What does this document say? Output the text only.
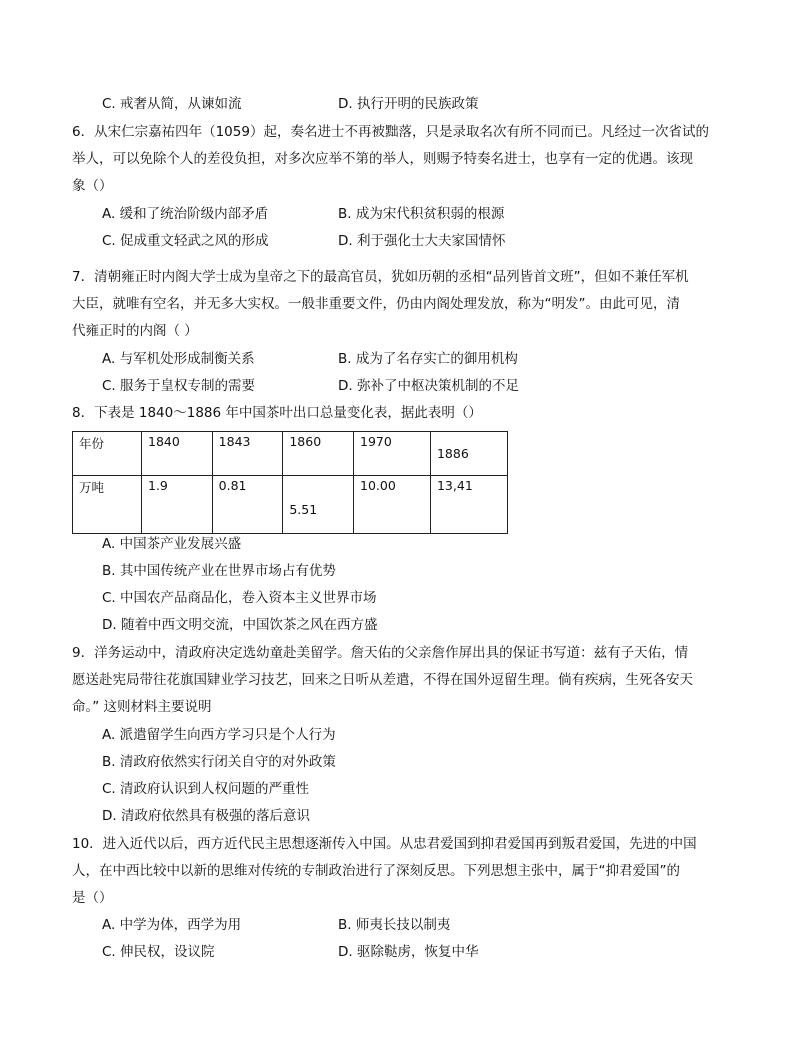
C. 戒奢从简，从谏如流	D. 执行开明的民族政策
6．从宋仁宗嘉祐四年（1059）起，奏名进士不再被黜落，只是录取名次有所不同而已。凡经过一次省试的
举人，可以免除个人的差役负担，对多次应举不第的举人，则赐予特奏名进士，也享有一定的优遇。该现
象（）
A. 缓和了统治阶级内部矛盾	B. 成为宋代积贫积弱的根源
C. 促成重文轻武之风的形成	D. 利于强化士大夫家国情怀
7．清朝雍正时内阁大学士成为皇帝之下的最高官员，犹如历朝的丞相“品列皆首文班”，但如不兼任军机
大臣，就唯有空名，并无多大实权。一般非重要文件，仍由内阁处理发放，称为“明发”。由此可见，清
代雍正时的内阁（ ）
A. 与军机处形成制衡关系	B. 成为了名存实亡的御用机构
C. 服务于皇权专制的需要	D. 弥补了中枢决策机制的不足
8．下表是 1840～1886 年中国茶叶出口总量变化表，据此表明（）
年份	1840	1843	1860	1970	1886
万吨	1.9	0.81	5.51	10.00	13,41
A. 中国茶产业发展兴盛
B. 其中国传统产业在世界市场占有优势
C. 中国农产品商品化，卷入资本主义世界市场
D. 随着中西文明交流，中国饮茶之风在西方盛
9．洋务运动中，清政府决定选幼童赴美留学。詹天佑的父亲詹作屏出具的保证书写道：兹有子天佑，情
愿送赴宪局带往花旗国肄业学习技艺，回来之日听从差遣，不得在国外逗留生理。倘有疾病，生死各安天
命。” 这则材料主要说明
A. 派遣留学生向西方学习只是个人行为
B. 清政府依然实行闭关自守的对外政策
C. 清政府认识到人权问题的严重性
D. 清政府依然具有极强的落后意识
10．进入近代以后，西方近代民主思想逐渐传入中国。从忠君爱国到抑君爱国再到叛君爱国，先进的中国
人，在中西比较中以新的思维对传统的专制政治进行了深刻反思。下列思想主张中，属于“抑君爱国”的
是（）
A. 中学为体，西学为用	B. 师夷长技以制夷
C. 伸民权，设议院	D. 驱除鞑虏，恢复中华
